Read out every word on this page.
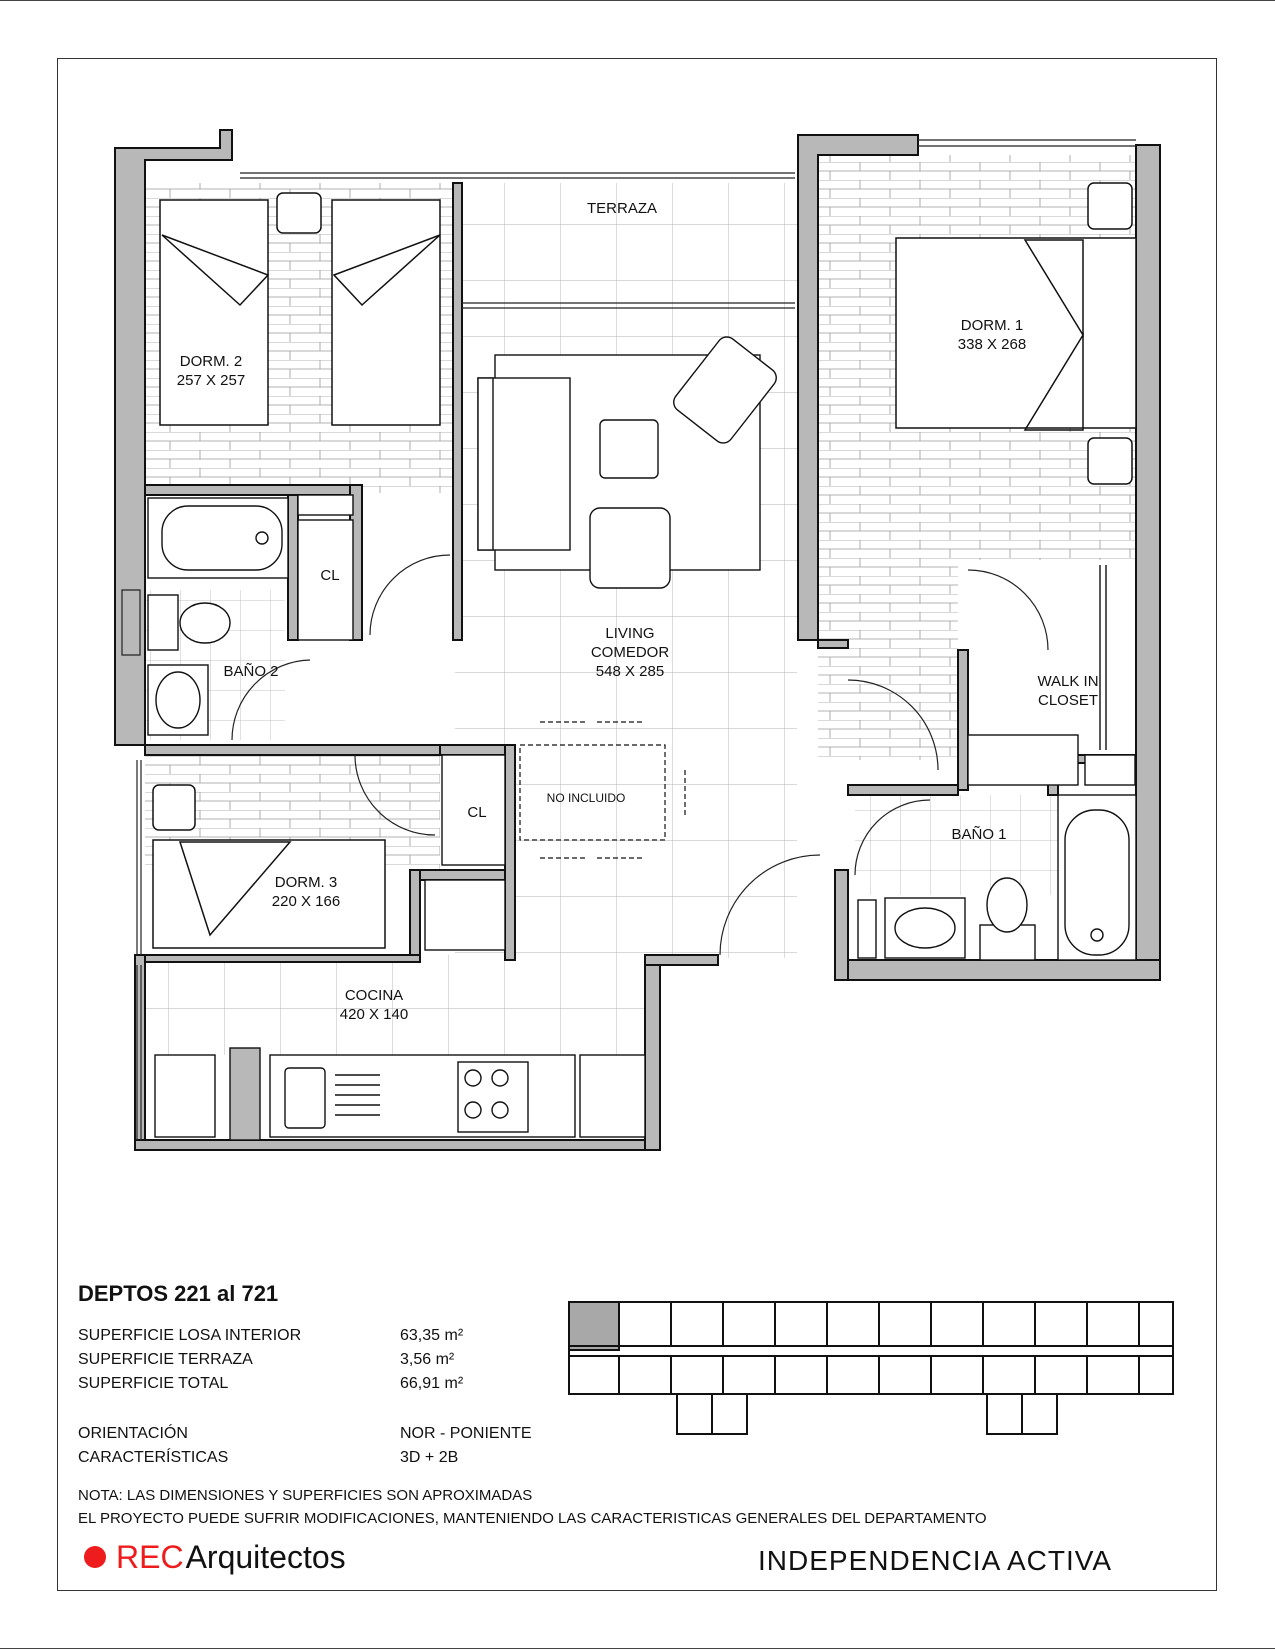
TERRAZA
DORM. 2
257 X 257
DORM. 1
338 X 268
CL
BAÑO 2
LIVING
COMEDOR
548 X 285
WALK IN
CLOSET
NO INCLUIDO
CL
DORM. 3
220 X 166
BAÑO 1
COCINA
420 X 140
DEPTOS 221 al 721
SUPERFICIE LOSA INTERIOR	63,35 m²
SUPERFICIE TERRAZA	3,56 m²
SUPERFICIE TOTAL	66,91 m²
ORIENTACIÓN	NOR - PONIENTE
CARACTERÍSTICAS	3D + 2B
NOTA: LAS DIMENSIONES Y SUPERFICIES SON APROXIMADAS
EL PROYECTO PUEDE SUFRIR MODIFICACIONES, MANTENIENDO LAS CARACTERISTICAS GENERALES DEL DEPARTAMENTO
REC Arquitectos	INDEPENDENCIA ACTIVA
